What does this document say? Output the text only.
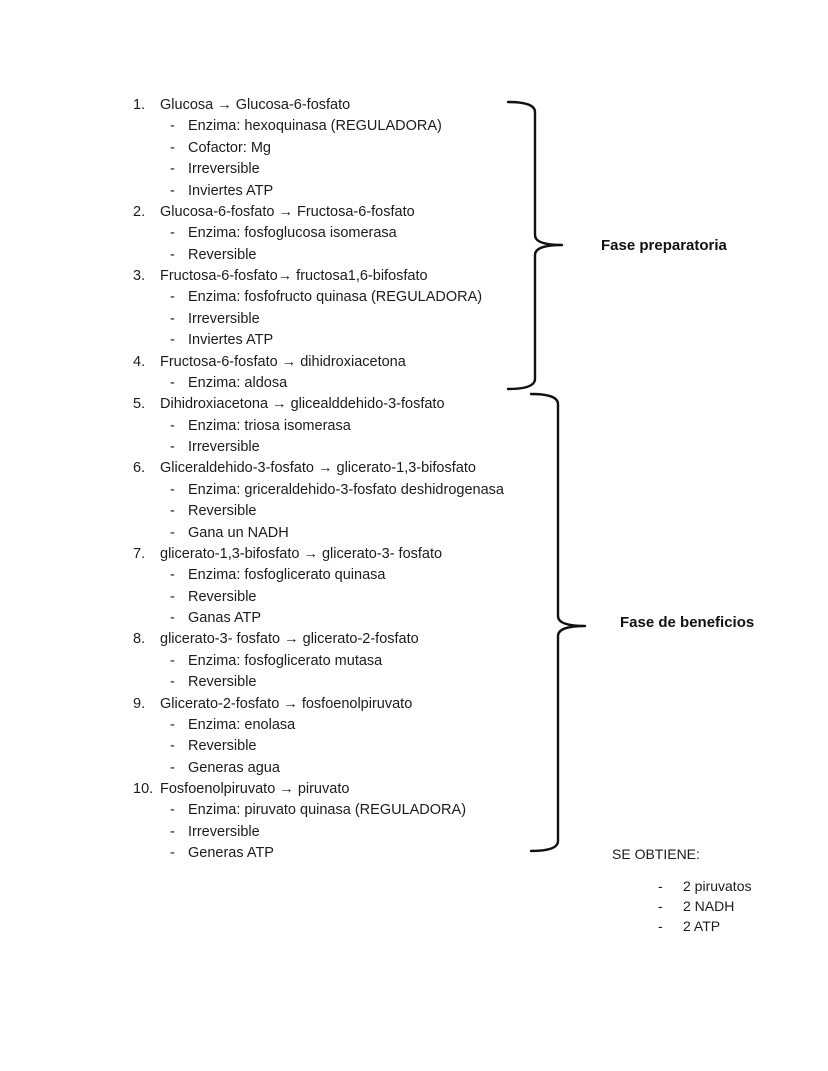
1.	Glucosa → Glucosa-6-fosfato
- Enzima: hexoquinasa (REGULADORA)
- Cofactor: Mg
- Irreversible
- Inviertes ATP
2.	Glucosa-6-fosfato → Fructosa-6-fosfato
- Enzima: fosfoglucosa isomerasa
- Reversible
3.	Fructosa-6-fosfato→ fructosa1,6-bifosfato
- Enzima: fosfofructo quinasa (REGULADORA)
- Irreversible
- Inviertes ATP
4.	Fructosa-6-fosfato → dihidroxiacetona
- Enzima: aldosa
5.	Dihidroxiacetona → glicealddehido-3-fosfato
- Enzima: triosa isomerasa
- Irreversible
6.	Gliceraldehido-3-fosfato → glicerato-1,3-bifosfato
- Enzima: griceraldehido-3-fosfato deshidrogenasa
- Reversible
- Gana un NADH
7.	glicerato-1,3-bifosfato → glicerato-3- fosfato
- Enzima: fosfoglicerato quinasa
- Reversible
- Ganas ATP
8.	glicerato-3- fosfato → glicerato-2-fosfato
- Enzima: fosfoglicerato mutasa
- Reversible
9.	Glicerato-2-fosfato → fosfoenolpiruvato
- Enzima: enolasa
- Reversible
- Generas agua
10. Fosfoenolpiruvato → piruvato
- Enzima: piruvato quinasa (REGULADORA)
- Irreversible
- Generas ATP
Fase preparatoria
Fase de beneficios
SE OBTIENE:
-	2 piruvatos
-	2 NADH
-	2 ATP
